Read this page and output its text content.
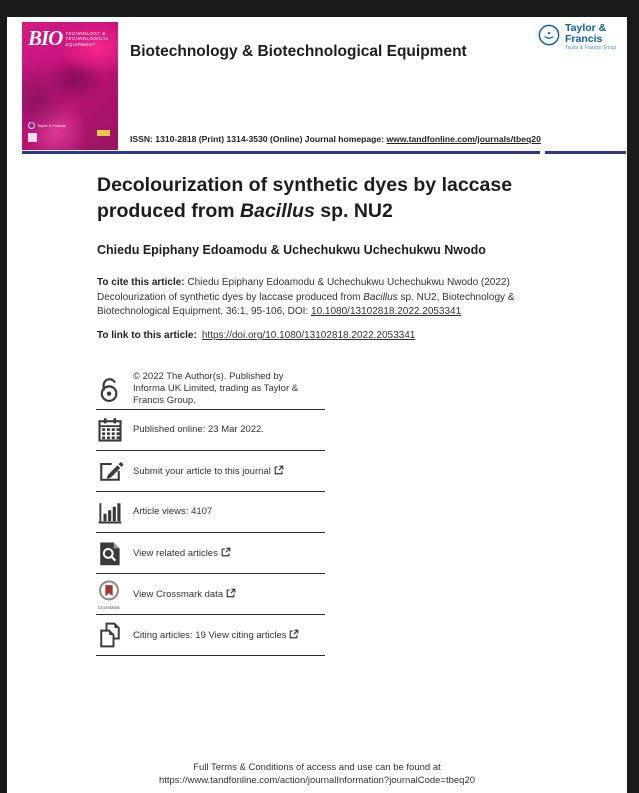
BIO TECHNOLOGY &
TECHNOLOGICAL
EQUIPMENT
Taylor & Francis
Taylor & Francis
Taylor & Francis Group
Biotechnology & Biotechnological Equipment
ISSN: 1310-2818 (Print) 1314-3530 (Online) Journal homepage: www.tandfonline.com/journals/tbeq20
Decolourization of synthetic dyes by laccase
produced from Bacillus sp. NU2
Chiedu Epiphany Edoamodu & Uchechukwu Uchechukwu Nwodo
To cite this article: Chiedu Epiphany Edoamodu & Uchechukwu Uchechukwu Nwodo (2022) Decolourization of synthetic dyes by laccase produced from Bacillus sp. NU2, Biotechnology & Biotechnological Equipment, 36:1, 95-106, DOI: 10.1080/13102818.2022.2053341
To link to this article: https://doi.org/10.1080/13102818.2022.2053341
© 2022 The Author(s). Published by Informa UK Limited, trading as Taylor & Francis Group.
Published online: 23 Mar 2022.
Submit your article to this journal
Article views: 4107
View related articles
CrossMark
View Crossmark data
Citing articles: 19 View citing articles
Full Terms & Conditions of access and use can be found at
https://www.tandfonline.com/action/journalInformation?journalCode=tbeq20
